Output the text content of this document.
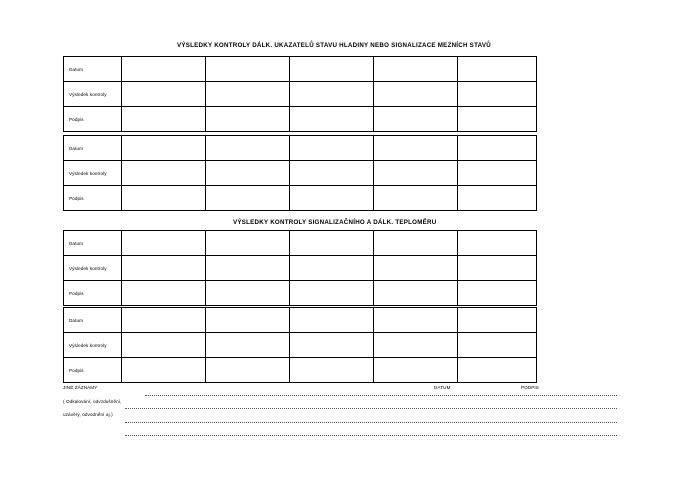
VÝSLEDKY KONTROLY DÁLK. UKAZATELŮ STAVU HLADINY NEBO SIGNALIZACE MEZNÍCH STAVŮ
Datum					
Výsledek kontroly					
Podpis					
Datum					
Výsledek kontroly					
Podpis					
VÝSLEDKY KONTROLY SIGNALIZAČNÍHO A DÁLK. TEPLOMĚRU
Datum					
Výsledek kontroly					
Podpis					
Datum					
Výsledek kontroly					
Podpis					
JINÉ ZÁZNAMY	DATUM	PODPIS
( Odkalování, odvzdušnění,
uzávěry, odvodnění aj.)
